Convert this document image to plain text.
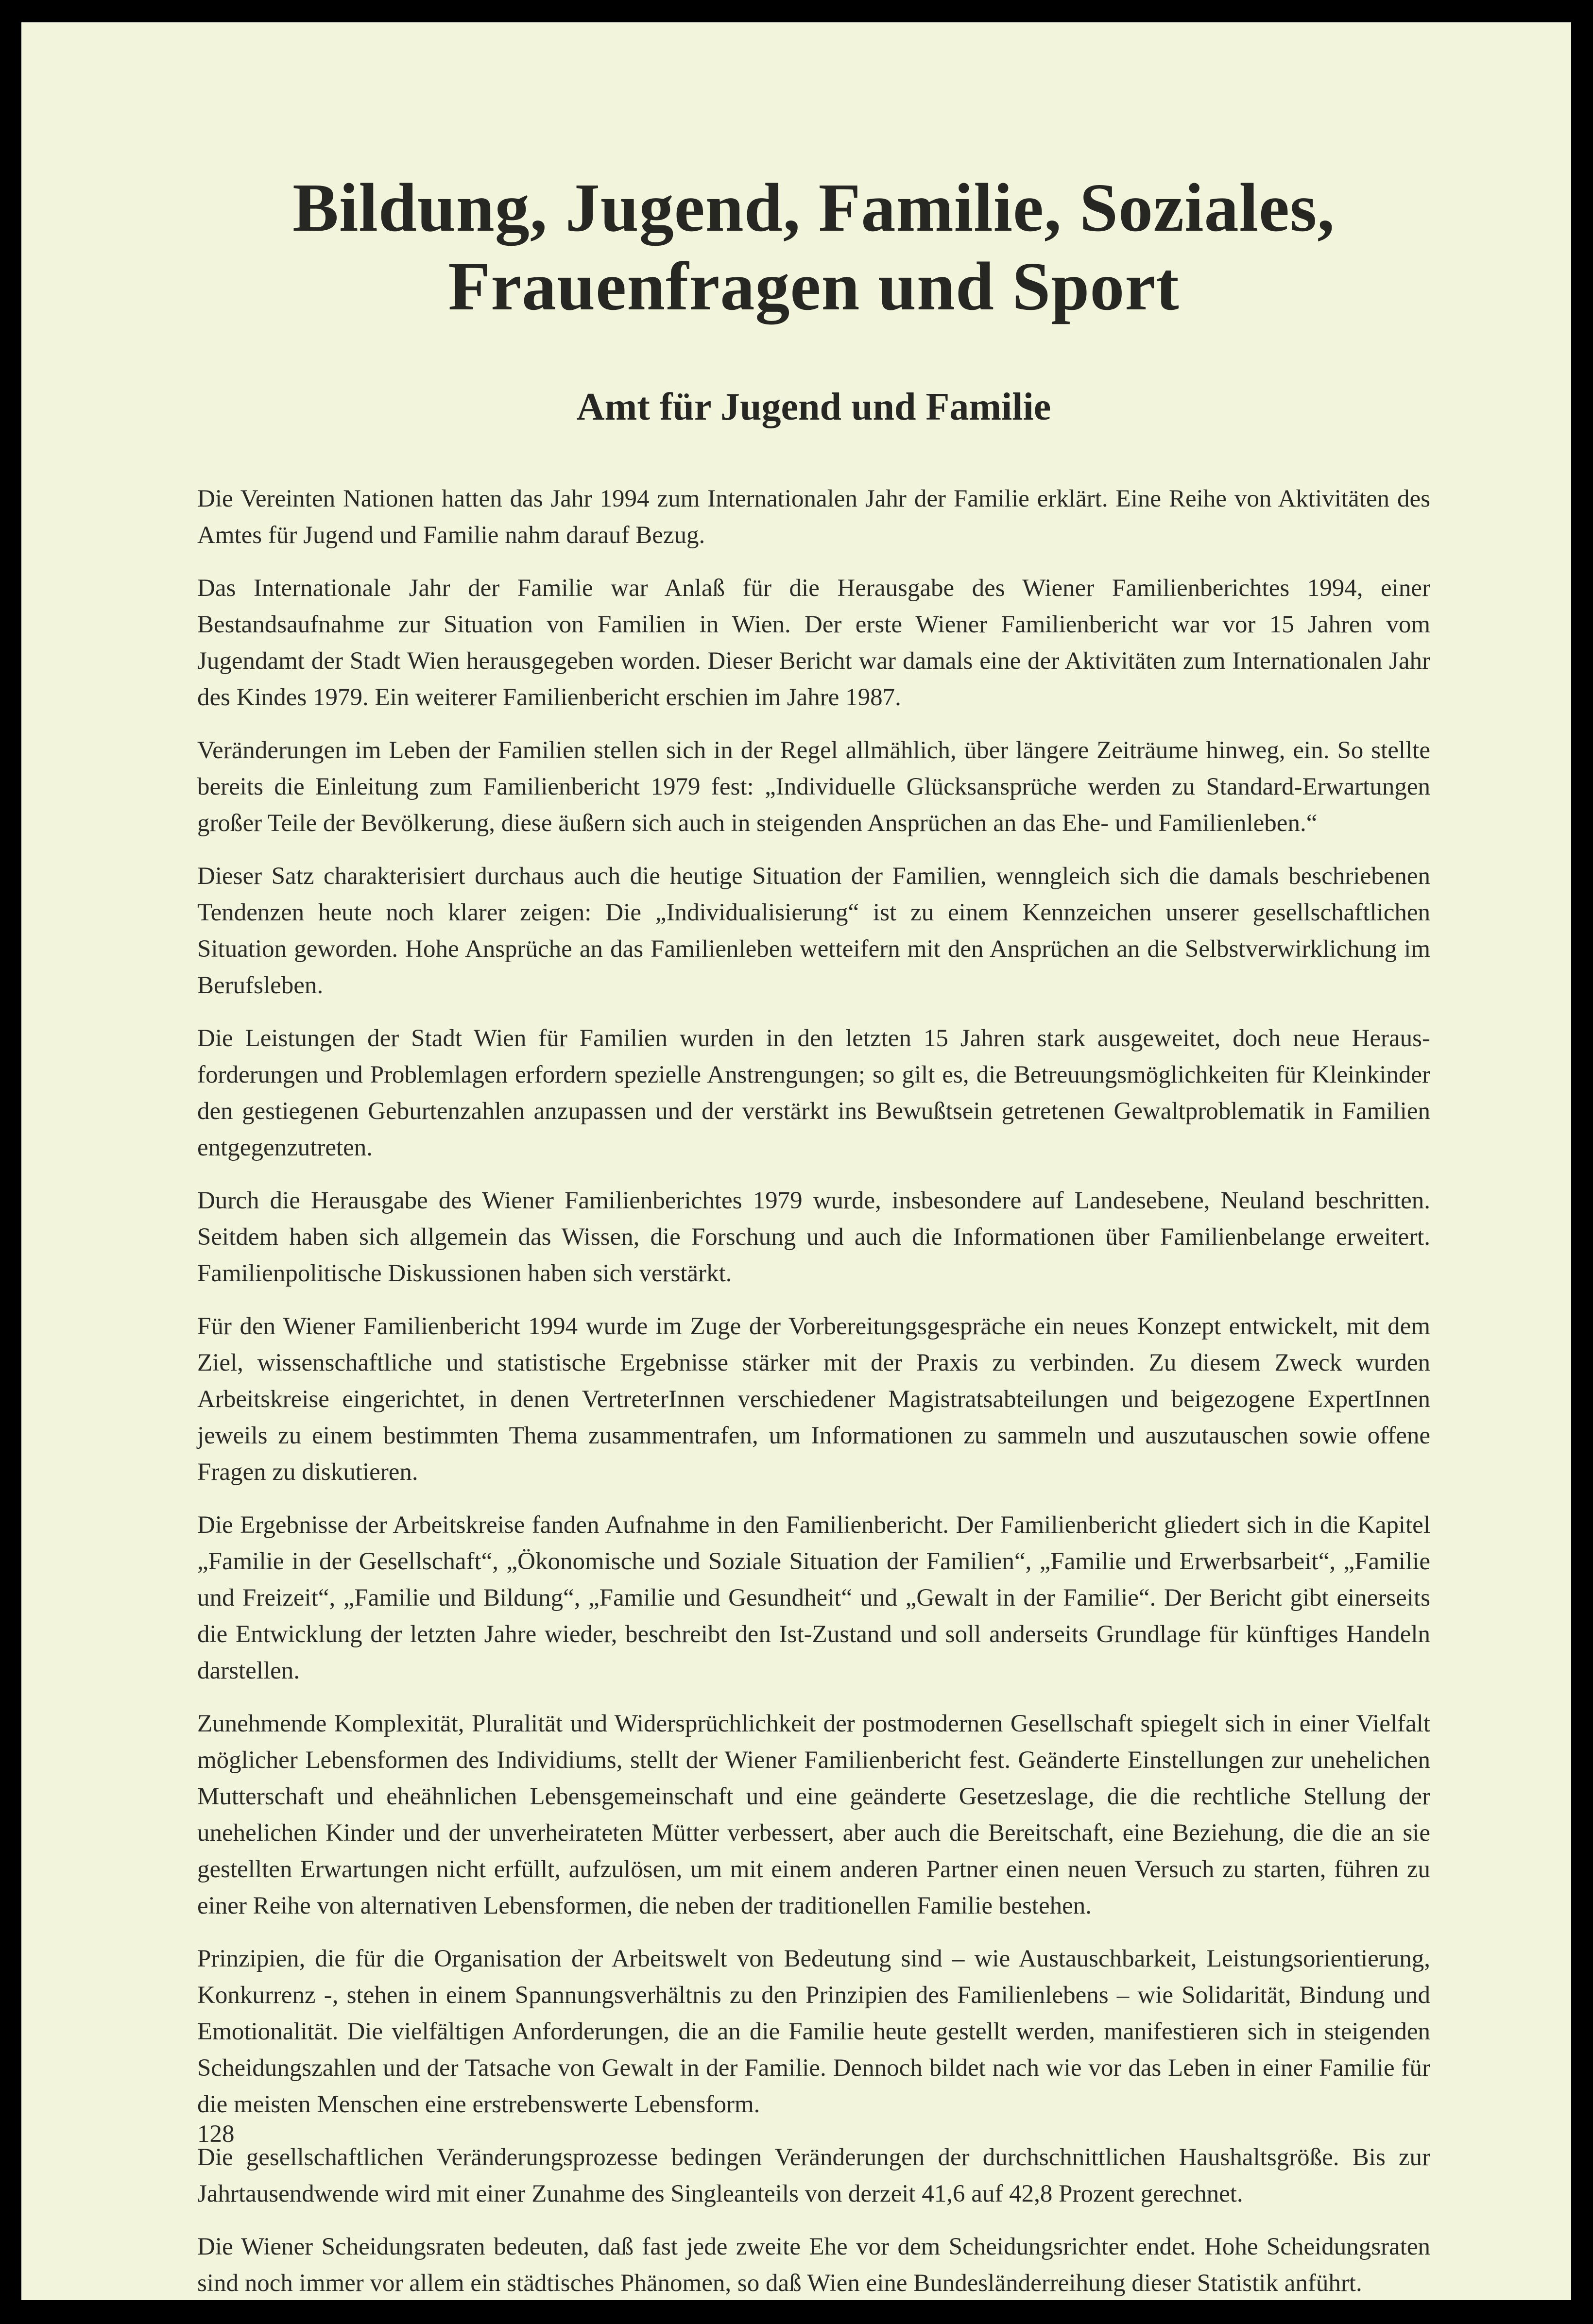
Bildung, Jugend, Familie, Soziales,
Frauenfragen und Sport
Amt für Jugend und Familie

Die Vereinten Nationen hatten das Jahr 1994 zum Internationalen Jahr der Familie erklärt. Eine Reihe von Aktivitäten des Amtes für Jugend und Familie nahm darauf Bezug.

Das Internationale Jahr der Familie war Anlaß für die Herausgabe des Wiener Familienberichtes 1994, einer Bestandsaufnahme zur Situation von Familien in Wien. Der erste Wiener Familienbericht war vor 15 Jahren vom Jugendamt der Stadt Wien herausgegeben worden. Dieser Bericht war damals eine der Aktivitäten zum Internationalen Jahr des Kindes 1979. Ein weiterer Familienbericht erschien im Jahre 1987.

Veränderungen im Leben der Familien stellen sich in der Regel allmählich, über längere Zeiträume hinweg, ein. So stellte bereits die Einleitung zum Familienbericht 1979 fest: „Individuelle Glücksansprüche werden zu Standard-Erwartungen großer Teile der Bevölkerung, diese äußern sich auch in steigenden Ansprüchen an das Ehe- und Familienleben.“

Dieser Satz charakterisiert durchaus auch die heutige Situation der Familien, wenngleich sich die damals beschriebenen Tendenzen heute noch klarer zeigen: Die „Individualisierung“ ist zu einem Kennzeichen unserer gesellschaftlichen Situation geworden. Hohe Ansprüche an das Familienleben wetteifern mit den Ansprüchen an die Selbstverwirklichung im Berufsleben.

Die Leistungen der Stadt Wien für Familien wurden in den letzten 15 Jahren stark ausgeweitet, doch neue Herausforderungen und Problemlagen erfordern spezielle Anstrengungen; so gilt es, die Betreuungsmöglichkeiten für Kleinkinder den gestiegenen Geburtenzahlen anzupassen und der verstärkt ins Bewußtsein getretenen Gewaltproblematik in Familien entgegenzutreten.

Durch die Herausgabe des Wiener Familienberichtes 1979 wurde, insbesondere auf Landesebene, Neuland beschritten. Seitdem haben sich allgemein das Wissen, die Forschung und auch die Informationen über Familienbelange erweitert. Familienpolitische Diskussionen haben sich verstärkt.

Für den Wiener Familienbericht 1994 wurde im Zuge der Vorbereitungsgespräche ein neues Konzept entwickelt, mit dem Ziel, wissenschaftliche und statistische Ergebnisse stärker mit der Praxis zu verbinden. Zu diesem Zweck wurden Arbeitskreise eingerichtet, in denen VertreterInnen verschiedener Magistratsabteilungen und beigezogene ExpertInnen jeweils zu einem bestimmten Thema zusammentrafen, um Informationen zu sammeln und auszutauschen sowie offene Fragen zu diskutieren.

Die Ergebnisse der Arbeitskreise fanden Aufnahme in den Familienbericht. Der Familienbericht gliedert sich in die Kapitel „Familie in der Gesellschaft“, „Ökonomische und Soziale Situation der Familien“, „Familie und Erwerbsarbeit“, „Familie und Freizeit“, „Familie und Bildung“, „Familie und Gesundheit“ und „Gewalt in der Familie“. Der Bericht gibt einerseits die Entwicklung der letzten Jahre wieder, beschreibt den Ist-Zustand und soll anderseits Grundlage für künftiges Handeln darstellen.

Zunehmende Komplexität, Pluralität und Widersprüchlichkeit der postmodernen Gesellschaft spiegelt sich in einer Vielfalt möglicher Lebensformen des Individiums, stellt der Wiener Familienbericht fest. Geänderte Einstellungen zur unehelichen Mutterschaft und eheähnlichen Lebensgemeinschaft und eine geänderte Gesetzeslage, die die rechtliche Stellung der unehelichen Kinder und der unverheirateten Mütter verbessert, aber auch die Bereitschaft, eine Beziehung, die die an sie gestellten Erwartungen nicht erfüllt, aufzulösen, um mit einem anderen Partner einen neuen Versuch zu starten, führen zu einer Reihe von alternativen Lebensformen, die neben der traditionellen Familie bestehen.

Prinzipien, die für die Organisation der Arbeitswelt von Bedeutung sind – wie Austauschbarkeit, Leistungsorientierung, Konkurrenz -, stehen in einem Spannungsverhältnis zu den Prinzipien des Familienlebens – wie Solidarität, Bindung und Emotionalität. Die vielfältigen Anforderungen, die an die Familie heute gestellt werden, manifestieren sich in steigenden Scheidungszahlen und der Tatsache von Gewalt in der Familie. Dennoch bildet nach wie vor das Leben in einer Familie für die meisten Menschen eine erstrebenswerte Lebensform.

Die gesellschaftlichen Veränderungsprozesse bedingen Veränderungen der durchschnittlichen Haushaltsgröße. Bis zur Jahrtausendwende wird mit einer Zunahme des Singleanteils von derzeit 41,6 auf 42,8 Prozent gerechnet.

Die Wiener Scheidungsraten bedeuten, daß fast jede zweite Ehe vor dem Scheidungsrichter endet. Hohe Scheidungsraten sind noch immer vor allem ein städtisches Phänomen, so daß Wien eine Bundesländerreihung dieser Statistik anführt.

128
